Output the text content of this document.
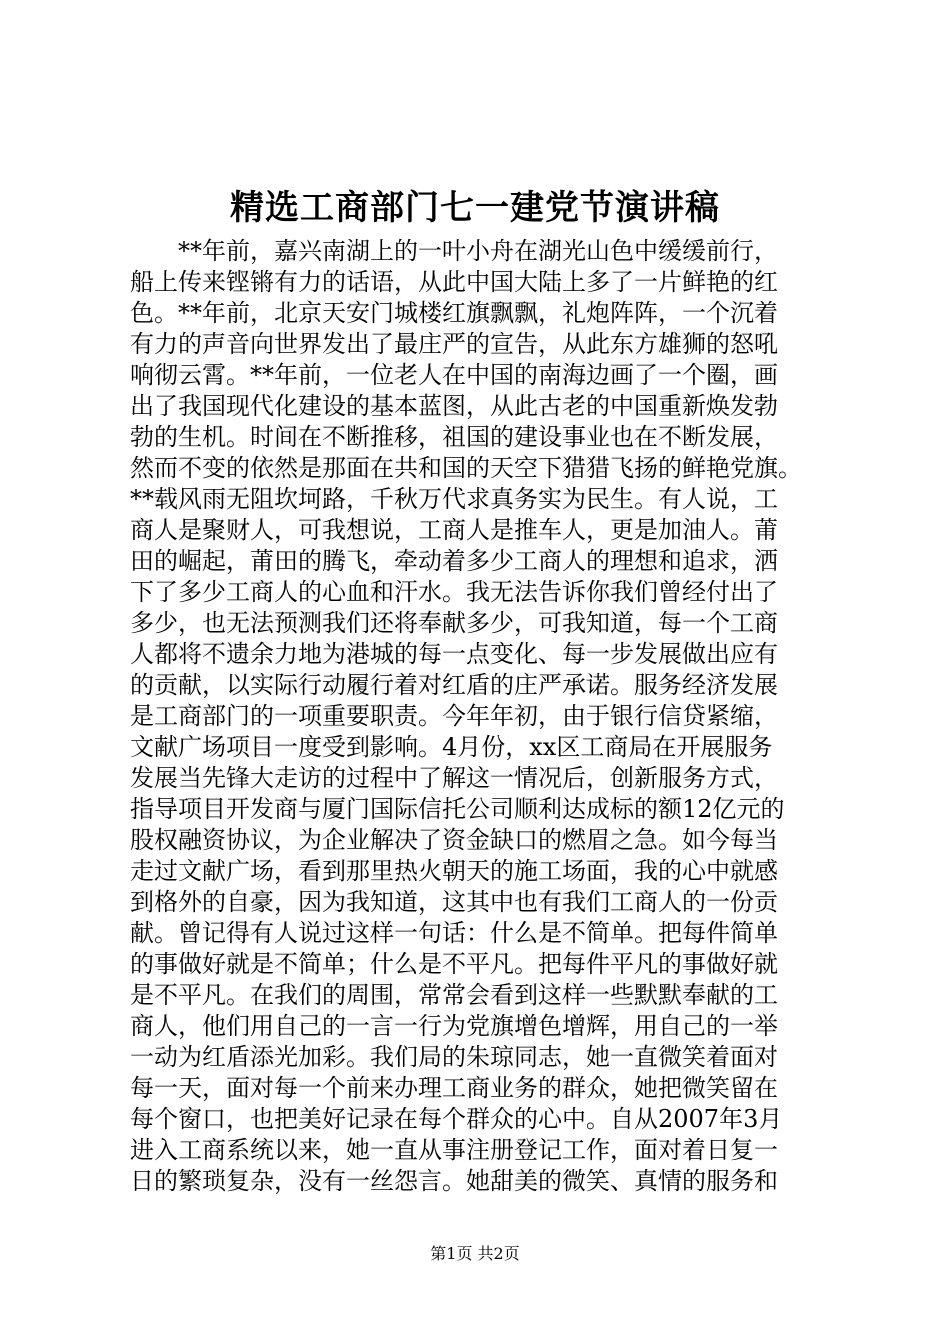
精选工商部门七一建党节演讲稿
　　**年前，嘉兴南湖上的一叶小舟在湖光山色中缓缓前行，
船上传来铿锵有力的话语，从此中国大陆上多了一片鲜艳的红
色。**年前，北京天安门城楼红旗飘飘，礼炮阵阵，一个沉着
有力的声音向世界发出了最庄严的宣告，从此东方雄狮的怒吼
响彻云霄。**年前，一位老人在中国的南海边画了一个圈，画
出了我国现代化建设的基本蓝图，从此古老的中国重新焕发勃
勃的生机。时间在不断推移，祖国的建设事业也在不断发展，
然而不变的依然是那面在共和国的天空下猎猎飞扬的鲜艳党旗。
**载风雨无阻坎坷路，千秋万代求真务实为民生。有人说，工
商人是聚财人，可我想说，工商人是推车人，更是加油人。莆
田的崛起，莆田的腾飞，牵动着多少工商人的理想和追求，洒
下了多少工商人的心血和汗水。我无法告诉你我们曾经付出了
多少，也无法预测我们还将奉献多少，可我知道，每一个工商
人都将不遗余力地为港城的每一点变化、每一步发展做出应有
的贡献，以实际行动履行着对红盾的庄严承诺。服务经济发展
是工商部门的一项重要职责。今年年初，由于银行信贷紧缩，
文献广场项目一度受到影响。4月份，xx区工商局在开展服务
发展当先锋大走访的过程中了解这一情况后，创新服务方式，
指导项目开发商与厦门国际信托公司顺利达成标的额12亿元的
股权融资协议，为企业解决了资金缺口的燃眉之急。如今每当
走过文献广场，看到那里热火朝天的施工场面，我的心中就感
到格外的自豪，因为我知道，这其中也有我们工商人的一份贡
献。曾记得有人说过这样一句话：什么是不简单。把每件简单
的事做好就是不简单；什么是不平凡。把每件平凡的事做好就
是不平凡。在我们的周围，常常会看到这样一些默默奉献的工
商人，他们用自己的一言一行为党旗增色增辉，用自己的一举
一动为红盾添光加彩。我们局的朱琼同志，她一直微笑着面对
每一天，面对每一个前来办理工商业务的群众，她把微笑留在
每个窗口，也把美好记录在每个群众的心中。自从2007年3月
进入工商系统以来，她一直从事注册登记工作，面对着日复一
日的繁琐复杂，没有一丝怨言。她甜美的微笑、真情的服务和
第1页 共2页
